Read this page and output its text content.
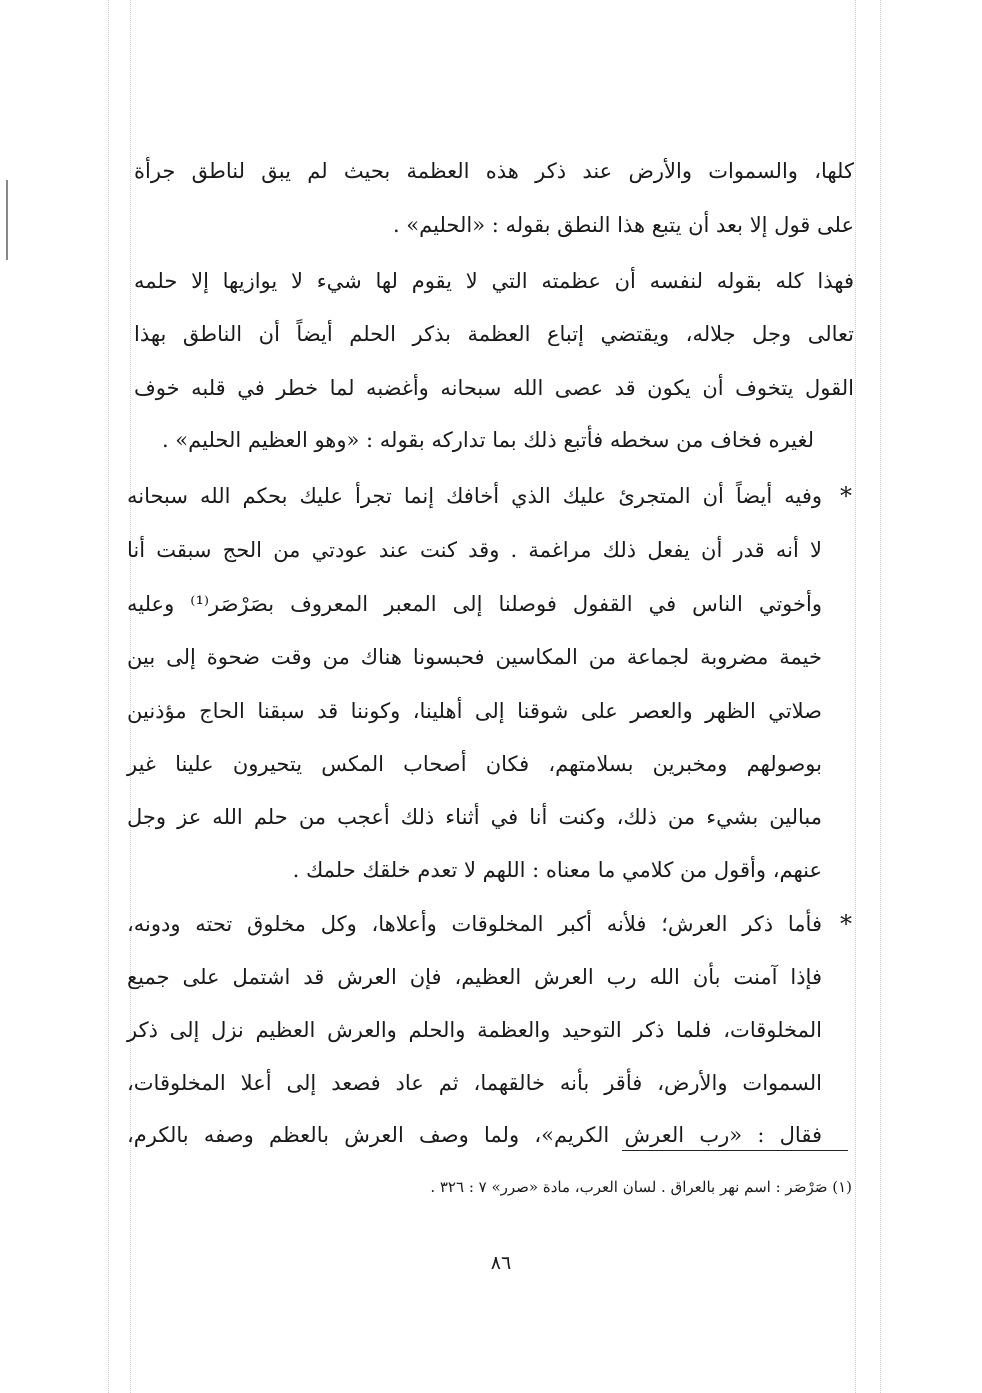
كلها، والسموات والأرض عند ذكر هذه العظمة بحيث لم يبق لناطق جرأة
على قول إلا بعد أن يتبع هذا النطق بقوله : «الحليم» .
فهذا كله بقوله لنفسه أن عظمته التي لا يقوم لها شيء لا يوازيها إلا حلمه
تعالى وجل جلاله، ويقتضي إتباع العظمة بذكر الحلم أيضاً أن الناطق بهذا
القول يتخوف أن يكون قد عصى الله سبحانه وأغضبه لما خطر في قلبه خوف
لغيره فخاف من سخطه فأتبع ذلك بما تداركه بقوله : «وهو العظيم الحليم» .
*
وفيه أيضاً أن المتجرئ عليك الذي أخافك إنما تجرأ عليك بحكم الله سبحانه
لا أنه قدر أن يفعل ذلك مراغمة . وقد كنت عند عودتي من الحج سبقت أنا
وأخوتي الناس في القفول فوصلنا إلى المعبر المعروف بصَرْصَر⁽¹⁾ وعليه
خيمة مضروبة لجماعة من المكاسين فحبسونا هناك من وقت ضحوة إلى بين
صلاتي الظهر والعصر على شوقنا إلى أهلينا، وكوننا قد سبقنا الحاج مؤذنين
بوصولهم ومخبرين بسلامتهم، فكان أصحاب المكس يتحيرون علينا غير
مبالين بشيء من ذلك، وكنت أنا في أثناء ذلك أعجب من حلم الله عز وجل
عنهم، وأقول من كلامي ما معناه : اللهم لا تعدم خلقك حلمك .
*
فأما ذكر العرش؛ فلأنه أكبر المخلوقات وأعلاها، وكل مخلوق تحته ودونه،
فإذا آمنت بأن الله رب العرش العظيم، فإن العرش قد اشتمل على جميع
المخلوقات، فلما ذكر التوحيد والعظمة والحلم والعرش العظيم نزل إلى ذكر
السموات والأرض، فأقر بأنه خالقهما، ثم عاد فصعد إلى أعلا المخلوقات،
فقال : «رب العرش الكريم»، ولما وصف العرش بالعظم وصفه بالكرم،
(١) صَرْصَر : اسم نهر بالعراق . لسان العرب، مادة «صرر» ٧ : ٣٢٦ .
٨٦
